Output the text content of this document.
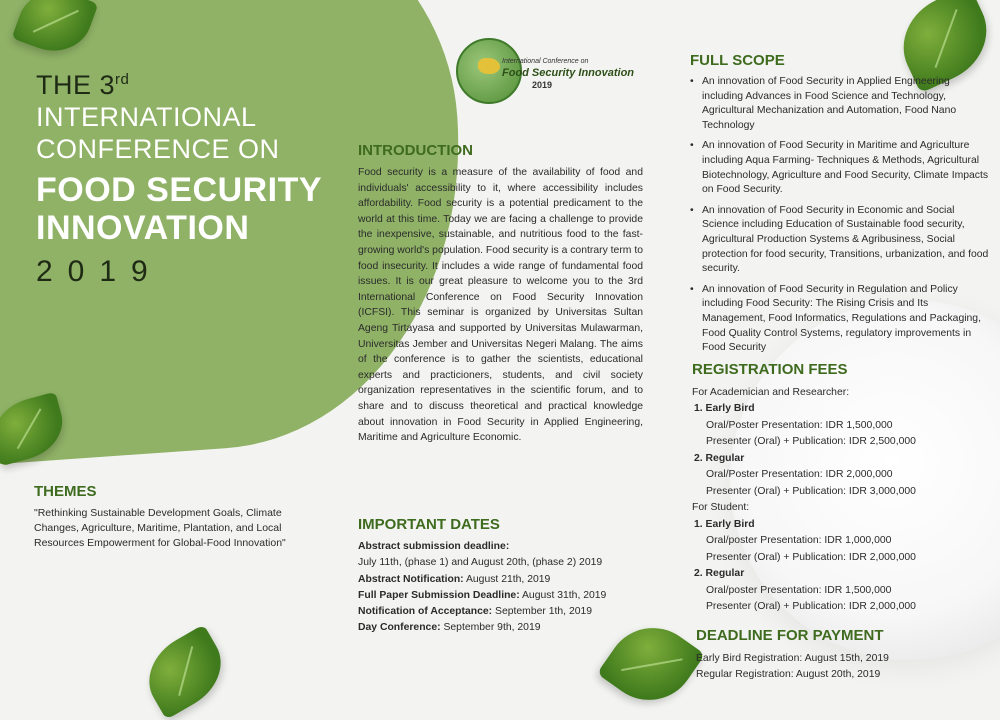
THE 3rd
INTERNATIONAL
CONFERENCE ON
FOOD SECURITY
INNOVATION
2019
THEMES

"Rethinking Sustainable Development Goals, Climate Changes, Agriculture, Maritime, Plantation, and Local Resources Empowerment for Global-Food Innovation"

International Conference on
Food Security Innovation
2019
INTRODUCTION

Food security is a measure of the availability of food and individuals' accessibility to it, where accessibility includes affordability. Food security is a potential predicament to the world at this time. Today we are facing a challenge to provide the inexpensive, sustainable, and nutritious food to the fast-growing world's population. Food security is a contrary term to food insecurity. It includes a wide range of fundamental food issues. It is our great pleasure to welcome you to the 3rd International Conference on Food Security Innovation (ICFSI). This seminar is organized by Universitas Sultan Ageng Tirtayasa and supported by Universitas Mulawarman, Universitas Jember and Universitas Negeri Malang. The aims of the conference is to gather the scientists, educational experts and practicioners, students, and civil society organization representatives in the scientific forum, and to share and to discuss theoretical and practical knowledge about innovation in Food Security in Applied Engineering, Maritime and Agriculture Economic.

IMPORTANT DATES
Abstract submission deadline:
July 11th, (phase 1) and August 20th, (phase 2) 2019
Abstract Notification: August 21th, 2019
Full Paper Submission Deadline: August 31th, 2019
Notification of Acceptance: September 1th, 2019
Day Conference: September 9th, 2019
FULL SCOPE
• An innovation of Food Security in Applied Engineering including Advances in Food Science and Technology, Agricultural Mechanization and Automation, Food Nano Technology
• An innovation of Food Security in Maritime and Agriculture including Aqua Farming- Techniques & Methods, Agricultural Biotechnology, Agriculture and Food Security, Climate Impacts on Food Security.
• An innovation of Food Security in Economic and Social Science including Education of Sustainable food security, Agricultural Production Systems & Agribusiness, Social protection for food security, Transitions, urbanization, and food security.
• An innovation of Food Security in Regulation and Policy including Food Security: The Rising Crisis and Its Management, Food Informatics, Regulations and Packaging, Food Quality Control Systems, regulatory improvements in Food Security
REGISTRATION FEES
For Academician and Researcher:
1. Early Bird
Oral/Poster Presentation: IDR 1,500,000
Presenter (Oral) + Publication: IDR 2,500,000
2. Regular
Oral/Poster Presentation: IDR 2,000,000
Presenter (Oral) + Publication: IDR 3,000,000
For Student:
1. Early Bird
Oral/poster Presentation: IDR 1,000,000
Presenter (Oral) + Publication: IDR 2,000,000
2. Regular
Oral/poster Presentation: IDR 1,500,000
Presenter (Oral) + Publication: IDR 2,000,000
DEADLINE FOR PAYMENT
Early Bird Registration: August 15th, 2019
Regular Registration: August 20th, 2019
